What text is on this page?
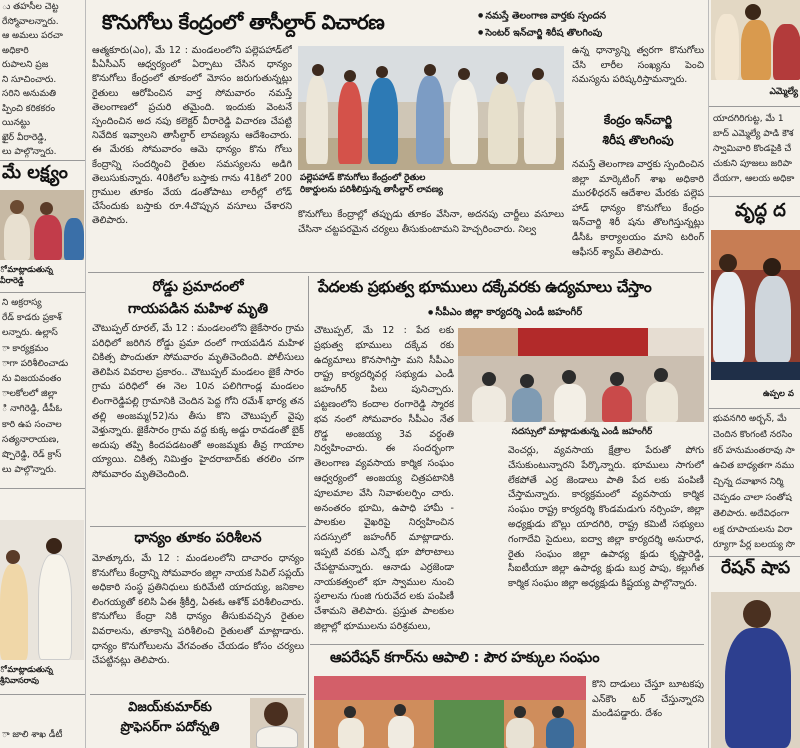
ు తహసీల చెట్ట
రేస్మోవాలన్నారు.
ఆ అమలు పరచా
అధికారి
రుపాలని ప్రజ
ని సూచించారు.
సరిని అనుమతి
ప్పించి కరికకరం
యినట్టు
ఖైర్ వీరారెడ్డి,
లు పాల్గొన్నారు.
మే లక్ష్యం
ో మాట్లాడుతున్న
వీరారెడ్డి
ని అక్రరాస్య
రేడ్ కాడరు ప్రకాశ్
లన్నారు. ఉల్లాస్
ా కార్యక్రమం
ాగా పరిశీలించాడు
ను విజయవంతం
ాలకోలలో జిల్లా
ి నాగిరెడ్డి, డీపీఓ
కారి ఉప సంచాల
సత్యనారాయణ,
ష్పొరెడ్డి, రెడ్ క్రాస్
లు పాల్గొన్నారు.
ో మాట్లాడుతున్న
శ్రీనివాసరావు
ా జాలి శాఖ డీటీ
ఎమ్మెల్యే
యాదగిరిగుట్ట, మే 1
బాద్ ఎమ్మెల్యే పాడి కౌశ
స్వామివారి కొండపైకి చే
చుకుని పూజలు జరిపా
దేయగా, ఆలయ అధికా
వృద్ధ ద
ఉప్పల వ
భువనగిరి అర్బన్, మే
చెందిన కొంగంటి నరసిం
కర్ హనుమంతరావు సా
ఉచిత బాధ్యతగా నము
చ్చిన్న దవాఖాన నిర్మి
చెప్పడం చాలా సంతోష
తెలిపారు. అదేవిధంగా
లక్ష రూపాయలను విరా
ర్యూగా పేర్ల బలయ్య సొ
రేషన్ షాప
కొనుగోలు కేంద్రంలో తాసీల్దార్ విచారణ
●	నమస్తే తెలంగాణ వార్తకు స్పందన
● సెంటర్ ఇన్‌చార్జి శిరీష తొలగింపు
ఆత్మకూరు(ఎం), మే 12 : మండలంలోని పల్లెపహాడ్‌లో పీఏసీఎస్ ఆధ్వర్యంలో ఏర్పాటు చేసిన ధాన్యం కొనుగోలు కేంద్రంలో తూకంలో మోసం జరుగుతున్నట్లు రైతులు ఆరోపించిన వార్త సోమవారం నమస్తే తెలంగాణలో ప్రచురి తమైంది. ఇందుకు వెంటనే స్పందించిన అద నపు కలెక్టర్ వీరారెడ్డి విచారణ చేపట్టి నివేదిక ఇవ్వాలని తాసీల్దార్ లావణ్యను ఆదేశించారు. ఈ మేరకు సోమవారం ఆమె ధాన్యం కొను గోలు కేంద్రాన్ని సందర్శించి రైతుల సమస్యలను అడిగి తెలుసుకున్నారు. 40కిలోల బస్తాకు గాను 41కిలో 200 గ్రాముల తూకం వేయ డంతోపాటు లారీల్లో లోడ్ చేసేందుకు బస్తాకు రూ.4చొప్పున వసూలు చేశారని తెలిపారు.
పల్లెపహాడ్ కొనుగోలు కేంద్రంలో రైతుల
రికార్డులను పరిశీలిస్తున్న తాసీల్దార్ లావణ్య
కొనుగోలు కేంద్రాల్లో తప్పుడు తూకం వేసినా, అదనపు చార్జీలు వసూలు చేసినా చట్టపరమైన చర్యలు తీసుకుంటామని హెచ్చరించారు. నిల్వ
ఉన్న ధాన్యాన్ని త్వరగా కొనుగోలు చేసి లారీల సంఖ్యను పెంచి సమస్యను పరిష్కరిస్తామన్నారు.
కేంద్రం ఇన్‌చార్జి
శిరీష తొలగింపు
నమస్తే తెలంగాణ వార్తకు స్పందించిన జిల్లా మార్కెటింగ్ శాఖ అధికారి మురళీధరన్ ఆదేశాల మేరకు పల్లెప హాడ్ ధాన్యం కొనుగోలు కేంద్రం ఇన్‌చార్జి శిరీ షను తొలగిస్తున్నట్లు డీసీఓ కార్యాలయం మాని టరింగ్ ఆఫీసర్ శ్యామ్ తెలిపారు.
రోడ్డు ప్రమాదంలో
గాయపడిన మహిళ మృతి
చౌటుప్పల్ రూరల్, మే 12 : మండలంలోని జైకేసారం గ్రామ పరిధిలో జరిగిన రోడ్డు ప్రమా దంలో గాయపడిన మహిళ చికిత్స పొందుతూ సోమవారం మృతిచెందింది. పోలీసులు తెలిపిన వివరాల ప్రకారం.. చౌటుప్పల్ మండలం జైకే సారం గ్రామ పరిధిలో ఈ నెల 10న పలిగిగాండ్ల మండలం లింగారెడ్డిపల్లి గ్రామానికి చెందిన పెద్ద గోని రమేశ్ భార్య తన తల్లి అంజమ్మ(52)ను తీసు కొని చౌటుప్పల్ వైపు వెళ్తున్నారు. జైకేసారం గ్రామ వద్ద కుక్క అడ్డు రావడంతో బైక్ అదుపు తప్పి కిందపడటంతో అంజమ్మకు తీవ్ర గాయాల య్యాయి. చికిత్స నిమిత్తం హైదరాబాద్‌కు తరలిం చగా సోమవారం మృతిచెందింది.
ధాన్యం తూకం పరిశీలన
మోత్కూరు, మే 12 : మండలంలోని దాచారం ధాన్యం కొనుగోలు కేంద్రాన్ని సోమవారం జిల్లా నాయక సివిల్ సప్లయ్ అధికారి సంస్థ ప్రతినిధులు కురిమేటి యాదయ్య, జనికాల లింగయ్యతో కలిసి ఏఈ శ్రీకీర్తి, ఏఈఓ ఆశోక్ పరిశీలించారు. కొనుగోలు కేంద్రా నికి ధాన్యం తీసుకువచ్చిన రైతుల వివరాలను, తూకాన్ని పరిశీలించి రైతులతో మాట్లాడారు. ధాన్యం కొనుగోలులను వేగవంతం చేయడం కోసం చర్యలు చేపట్టినట్లు తెలిపారు.
విజయ్‌కుమార్‌కు
ప్రొఫెసర్‌గా పదోన్నతి
పేదలకు ప్రభుత్వ భూములు దక్కేవరకు ఉద్యమాలు చేస్తాం
● సీపీఎం జిల్లా కార్యదర్శి ఎండీ జహంగీర్
చౌటుప్పల్, మే 12 : పేద లకు ప్రభుత్వ భూములు దక్కేవ రకు ఉద్యమాలు కొనసాగిస్తా మని సీపీఎం రాష్ట్ర కార్యదర్శివర్గ సభ్యుడు ఎండీ జహంగీర్ పిలు పునిచ్చారు. పట్టణంలోని కందాల రంగారెడ్డి స్మారక భవ నంలో సోమవారం సీపీఎం నేత రొడ్డ అంజయ్య 3వ వర్ధంతి నిర్వహించారు. ఈ సందర్భంగా తెలంగాణ వ్యవసాయ కార్మిక సంఘం ఆధ్వర్యంలో అంజయ్య చిత్రపటానికి పూలమాల వేసి నివాళులర్పిం చారు. అనంతరం భూమి, ఉపాధి హామీ - పాలకుల వైఖరిపై నిర్వహించిన సదస్సులో జహంగీర్ మాట్లాడారు. ఇప్పటి వరకు ఎన్నో భూ పోరాటాలు చేపట్టామన్నారు. ఆనాడు ఎర్రజెండా నాయకత్వంలో భూ స్వాముల నుంచి స్థలాలను గుంజి గురువేద లకు పంపిణీ చేశామని తెలిపారు. ప్రస్తుత పాలకుల జిల్లాల్లో భూములను పరిశ్రమలు,
సదస్సులో మాట్లాడుతున్న ఎండీ జహంగీర్
వెంచర్లు, వ్యవసాయ క్షేత్రాల పేరుతో పోగు చేసుకుంటున్నారని పేర్కొన్నారు. భూములు సాగులో లేకపోతే ఎర్ర జెండాలు పాతి పేద లకు పంపిణీ చేస్తామన్నారు. కార్యక్రమంలో వ్యవసాయ కార్మిక సంఘం రాష్ట్ర కార్యదర్శి కొండమడుగు నర్సింహ, జిల్లా అధ్యక్షుడు బొల్లు యాదగిరి, రాష్ట్ర కమిటీ సభ్యులు గంగాదేవి సైదులు, ఐద్వా జిల్లా కార్యదర్శి అనురాధ, రైతు సంఘం జిల్లా ఉపాధ్య క్షుడు కృష్ణారెడ్డి, సీఐటీయూ జిల్లా ఉపాధ్య క్షుడు బుర్ర పాపు, కల్లుగీత కార్మిక సంఘం జిల్లా అధ్యక్షుడు కిష్టయ్య పాల్గొన్నారు.
ఆపరేషన్ కగార్‌ను ఆపాలి : పౌర హక్కుల సంఘం
కొని దాడులు చేస్తూ బూటకపు ఎన్‌కౌం టర్ చేస్తున్నారని మండిపడ్డారు. దేశం
